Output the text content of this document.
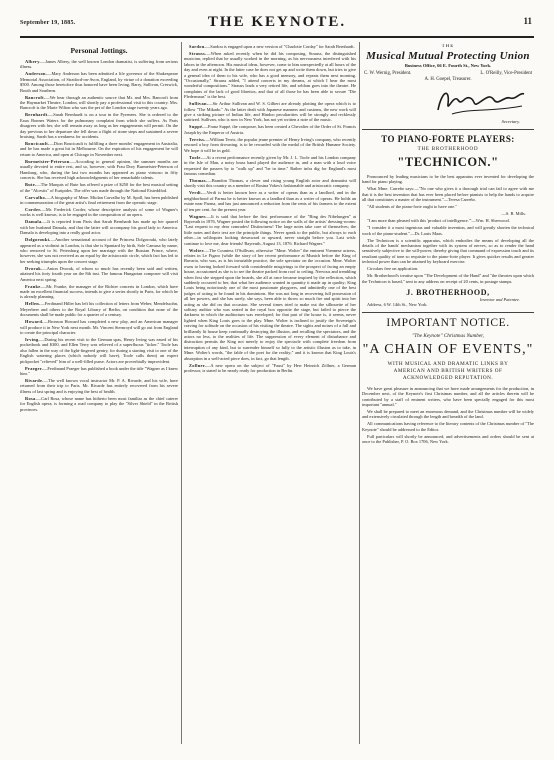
September 19, 1885.	THE KEYNOTE.	11
Personal Jottings.

Albery.—James Albery, the well known London dramatist, is suffering from serious illness.

Anderson.—Mary Anderson has been admitted a life governor of the Shakespeare Memorial Association, of Stratford-on-Avon, England, by virtue of a donation exceeding $500. Among those heretofore thus honored have been Irving, Barry, Sullivan, Creswick, Booth and Southern.

Bancroft.—We hear through an authentic source that Mr. and Mrs. Bancroft from the Haymarket Theatre, London, will shortly pay a professional visit to this country. Mrs. Bancroft is the Marie Wilton who was the pet of the London stage twenty years ago.

Bernhardt.—Sarah Bernhardt is on a tour in the Pyrenees. She is ordered to the Eaux Bonnes Waters for the pulmonary complaint from which she suffers. As Paris disagrees with her, she will remain away as long as her engagements will permit. On the day previous to her departure she fell down a flight of stone steps and sustained a severe bruising. Sarah has a weakness for accidents.

Boucicault.—Dion Boucicault is fulfilling a three months' engagement in Australia, and he has made a great hit in Melbourne. On the expiration of his engagement he will return to America, and open at Chicago in November next.

Burmeister-Peterson.—According to general opinion, the summer months are usually devoted to entire rest, and so, however, with Frau Dory Burmeister-Peterson of Hamburg, who, during the last two months has appeared as piano virtuoso in fifty concerts. She has received high acknowledgments of her remarkable talents.

Bute.—The Marquis of Bute has offered a prize of $250 for the best musical setting of the "Alcestis" of Euripides. The offer was made through the National Eisteddfod.

Carvalho.—A biography of Mme. Miolan Carvalho by M. Spoll, has been published in commemoration of the great artist's final retirement from the operatic stage.

Corder.—Mr. Frederick Corder, whose descriptive analysis of some of Wagner's works is well known, is to be engaged in the composition of an opera.

Damala.—It is reported from Paris that Sarah Bernhardt has made up her quarrel with her husband Damala, and that the latter will accompany his good lady to America. Damala is developing into a really good actor.

Dolgorouki.—Another sensational account of the Princess Dolgorouki, who lately appeared as a violinist in London, is that she is Spaniard by birth, Sole Camusa by name, who removed to St. Petersburg upon her marriage with the Russian Prince, where, however, she was not received as an equal by the aristocratic circle, which fact has led to her seeking triumphs upon the concert stage.

Dvorak.—Anton Dvorak, of whom so much has recently been said and written, attained his forty fourth year on the 8th inst. The famous Hungarian composer will visit America next spring.

Franke.—Mr. Franke, the manager of the Richter concerts in London, which have made an excellent financial success, intends to give a series shortly in Paris, for which he is already planning.

Hellen.—Ferdinand Hiller has left his collection of letters from Weber, Mendelssohn, Meyerbeer and others to the Royal Library of Berlin, on condition that none of the documents shall be made public for a quarter of a century.

Howard.—Bronson Howard has completed a new play, and an American manager will produce it in New York next month. Mr. Vincent Sternroyd will go out from England to create the principal character.

Irving.—During his recent visit to the German spas, Henry Irving was eased of his pocketbook and $300, and Ellen Terry was relieved of a superfluous "ticker." Toole has also fallen in the way of the light-fingered gentry, for during a starting visit to one of the English watering places (which nobody will have), Toole calls them) an expert pickpocket "relieved" him of a well-filled purse. Actors are proverbially improvident.

Praeger.—Ferdinand Praeger has published a book under the title "Wagner as I knew him."

Rivarde.—The well known vocal instructor Mr. P. A. Rivarde, and his wife, have returned from their trip to Paris. Mr. Rivarde has entirely recovered from his severe illness of last spring and is enjoying the best of health.

Rosa.—Carl Rosa, whose name has hitherto been most familiar as the chief caterer for English opera, is forming a road company to play the "Silver Shield" in the British provinces.

Sardou.—Sardou is engaged upon a new version of "Charlotte Corday" for Sarah Bernhardt.

Strauss.—When asked recently when he did his composing, Strauss, the distinguished musician, replied that he usually worked in the morning, as his nervousness interfered with his labors in the afternoon. His musical ideas, however, come to him unexpectedly at all hours of the day and even at night. In the latter case he does not get up and write them down, but tries to give a general idea of them to his wife, who has a good memory, and repeats them next morning. "Occasionally," Strauss added, "I attend concerts in my dreams, at which I hear the most wonderful compositions." Strauss leads a very retired life, and seldom goes into the theatre. He complains of the lack of good librettos, and that of all those he has been able to secure "Die Fledermaus" is the best.

Sullivan.—Sir Arthur Sullivan and W. S. Gilbert are already plotting the opera which is to follow "The Mikado." As the latter dealt with Japanese manners and customs, the new work will give a striking picture of Indian life, and Hindoo peculiarities will be strongly and recklessly satirized. Sullivan, who is now in New York, has not yet written a note of the music.

Suppé.—Franz Suppé, the composer, has been created a Chevalier of the Order of St. Francis Joseph by the Emperor of Austria.

Terriss.—William Terris, the popular jeune premier of Henry Irving's company, who recently rescued a boy from drowning, is to be rewarded with the medal of the British Humane Society. We hope it will be in gold.

Toole.—At a recent performance recently given by Mr. J. L. Toole and his London company in the Isle of Man, a noisy brass band played the audience in, and a man with a loud voice requested the passers by to "walk up" and "be in time." Rather infra dig for England's most famous comedian.

Thomas.—Brandon Thomas, a clever and rising young English actor and dramatist will shortly visit this country as a member of Rosina Vokes's fashionable and aristocratic company.

Verdi.—Verdi is better known here as a writer of operas than as a landlord, and in the neighborhood of Parma he is better known as a landlord than as a writer of operas. He holds an estate near Parma, and has just announced a reduction from the rents of his farmers to the extent of ten per cent. for the present year.

Wagner.—It is said that before the first performance of the "Ring des Nibelungen" at Bayreuth in 1876, Wagner posted the following notice on the walls of the artists' dressing-rooms: "Last request to my dear comrades! Distinctness! The large notes take care of themselves; the little notes and their text are the principle things. Never speak to the public, but always to each other—in soliloquies looking downward or upward, never straight before you. Last wish: continue to love me, dear friends! Bayreuth, August 13, 1876. Richard Wagner."

Wolter.—The Countess O'Sullivan, otherwise "Mme. Wolter" the eminent Viennese actress, relates in Le Figaro (while the story of her recent performance at Munich before the King of Bavaria, who was, as is his invariable practice, the sole spectator on the occasion. Mme. Wolter owns to having looked forward with considerable misgivings to the prospect of facing an empty house, accustomed as she is to see the theatre packed from roof to ceiling. Nervous and trembling when first she stepped upon the boards, she all at once became inspired by the reflection, which suddenly occurred to her, that what her audience wanted in quantity it made up in quality; King Louis being notoriously one of the most passionate playgoers, and admittedly one of the best judges of acting to be found in his dominions. She was not long in recovering full possession of all her powers, and she has rarely, she says, been able to throw so much fire and spirit into her acting as she did on that occasion. She several times tried to make out the silhouette of her solitary auditor who was seated in the royal box opposite the stage, but failed to pierce the darkness in which the auditorium was enveloped; for that part of the house is, it seems, never lighted when King Louis goes to the play. Mme. Wolter is inclined to justify the Sovereign's craving for solitude on the occasion of his visiting the theatre. The sights and noises of a full and brilliantly lit house keep continually destroying the illusion, and recalling the spectators, and the actors no less, to the realities of life. The suppression of every element of disturbance and distraction permits the King not merely to enjoy the spectacle with complete freedom from interruption of any kind, but to surrender himself so fully to the artistic illusion as to take, in Mme. Wolter's words, "the fable of the poet for the reality;" and it is known that King Louis's absorption in a well-acted piece does, in fact, go that length.

Zollner.—A new opera on the subject of "Faust" by Herr Heinrich Zöllner, a German professor, is stated to be nearly ready for production in Berlin.

THE
Musical Mutual Protecting Union
Business Office, 66 E. Fourth St., New York.
C. W. Wernig, President.	L. O'Reilly, Vice-President
A. H. Goepel, Treasurer.
Secretary.
TO PIANO-FORTE PLAYERS:
THE BROTHERHOOD
"TECHNICON."

Pronounced by leading musicians to be the best apparatus ever invented for developing the hand for piano playing.

What Mme. Carreño says:—"No one who gives it a thorough trial can fail to agree with me that it is the best invention that has ever been placed before pianists to help the hands to acquire all that constitutes a master of the instrument."—Teresa Carreño.

"All students of the piano-forte ought to have one."

—S. B. Mills.

"I am more than pleased with this 'product of intelligence.'"—Wm. H. Sherwood.

"I consider it a most ingenious and valuable invention, and will greatly shorten the technical work of the piano-student."—Dr. Louis Maas.

The Technicon is a scientific apparatus, which embodies the means of developing all the details of the hands' mechanism together with its system of nerves, so as to render the hand sensitively subjective to the will-power, thereby giving that command of expression touch and its resultant quality of tone so requisite to the piano-forte player. It gives quicker results and greater technical power than can be attained by keyboard exercise.

Circulars free on application.

Mr. Brotherhood's treatise upon "The Development of the Hand" and "the theories upon which the Technicon is based," sent to any address on receipt of 20 cents, in postage stamps.

J. BROTHERHOOD,
Inventor and Patentee.

Address, 6 W. 14th St., New York.

IMPORTANT NOTICE.
"The Keynote" Christmas Number,
"A CHAIN OF EVENTS,"
WITH MUSICAL AND DRAMATIC LINKS BY
AMERICAN AND BRITISH WRITERS OF
ACKNOWLEDGED REPUTATION.

We have great pleasure in announcing that we have made arrangements for the production, in December next, of the Keynote's first Christmas number, and all the articles therein will be contributed by a staff of eminent writers, who have been specially engaged for this most important "annual."

We shall be prepared to meet an enormous demand, and the Christmas number will be widely and extensively circulated through the length and breadth of the land.

All communications having reference to the literary contents of the Christmas number of "The Keynote" should be addressed to the Editor.

Full particulars will shortly be announced, and advertisements and orders should be sent at once to the Publisher, P. O. Box 1706, New York.
